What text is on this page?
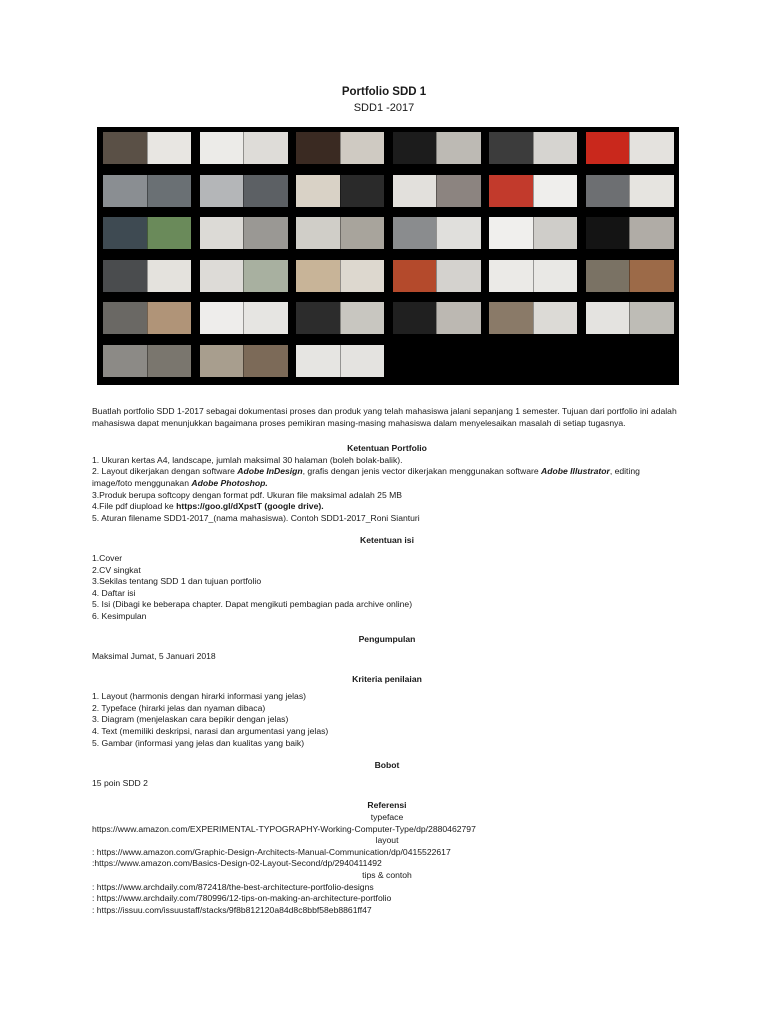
Portfolio SDD 1
SDD1 -2017

Buatlah portfolio SDD 1-2017 sebagai dokumentasi proses dan produk yang telah mahasiswa jalani sepanjang 1 semester. Tujuan dari portfolio ini adalah mahasiswa dapat menunjukkan bagaimana proses pemikiran masing-masing mahasiswa dalam menyelesaikan masalah di setiap tugasnya.

Ketentuan Portfolio

1. Ukuran kertas A4, landscape, jumlah maksimal 30 halaman (boleh bolak-balik).

2. Layout dikerjakan dengan software Adobe InDesign, grafis dengan jenis vector dikerjakan menggunakan software Adobe Illustrator, editing image/foto menggunakan Adobe Photoshop.

3.Produk berupa softcopy dengan format pdf. Ukuran file maksimal adalah 25 MB

4.File pdf diupload ke https://goo.gl/dXpstT (google drive).

5. Aturan filename SDD1-2017_(nama mahasiswa). Contoh SDD1-2017_Roni Sianturi

Ketentuan isi

1.Cover

2.CV singkat

3.Sekilas tentang SDD 1 dan tujuan portfolio

4. Daftar isi

5. Isi (Dibagi ke beberapa chapter. Dapat mengikuti pembagian pada archive online)

6. Kesimpulan

Pengumpulan

Maksimal Jumat, 5 Januari 2018

Kriteria penilaian

1. Layout (harmonis dengan hirarki informasi yang jelas)

2. Typeface (hirarki jelas dan nyaman dibaca)

3. Diagram (menjelaskan cara bepikir dengan jelas)

4. Text (memiliki deskripsi, narasi dan argumentasi yang jelas)

5. Gambar (informasi yang jelas dan kualitas yang baik)

Bobot

15 poin SDD 2

Referensi

typeface

https://www.amazon.com/EXPERIMENTAL-TYPOGRAPHY-Working-Computer-Type/dp/2880462797

layout

: https://www.amazon.com/Graphic-Design-Architects-Manual-Communication/dp/0415522617

:https://www.amazon.com/Basics-Design-02-Layout-Second/dp/2940411492

tips & contoh

: https://www.archdaily.com/872418/the-best-architecture-portfolio-designs

: https://www.archdaily.com/780996/12-tips-on-making-an-architecture-portfolio

: https://issuu.com/issuustaff/stacks/9f8b812120a84d8c8bbf58eb8861ff47
